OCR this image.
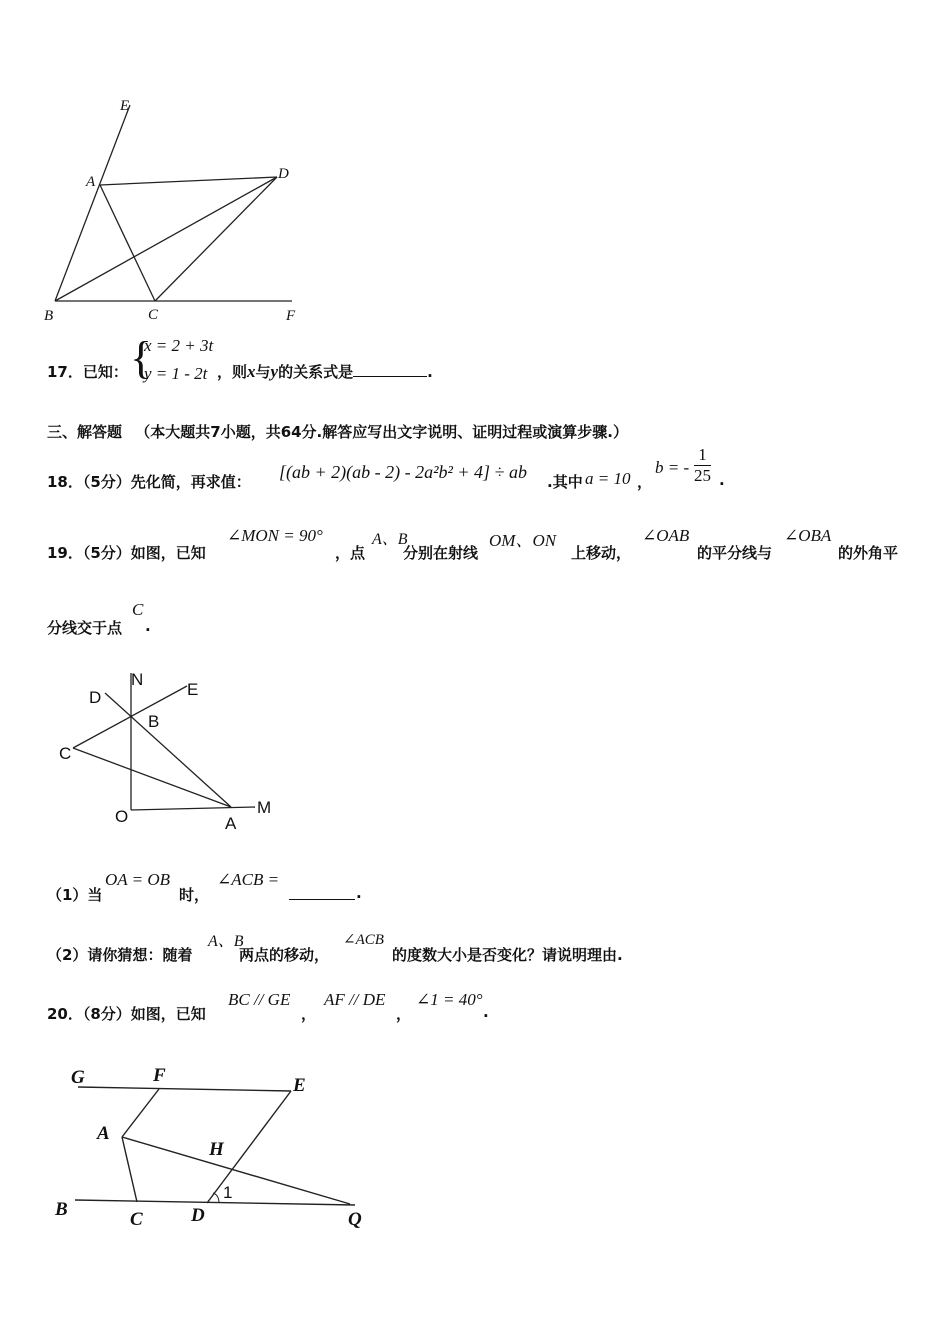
E
A	D
B	C	F
17．已知： {
x = 2 + 3t
y = 1 - 2t ，则x与y的关系式是	.
三、解答题 （本大题共7小题，共64分.解答应写出文字说明、证明过程或演算步骤.）
18．（5分）先化简，再求值： [(ab + 2)(ab - 2) - 2a²b² + 4] ÷ ab .其中 a = 10 ，
b = - $\frac{1}{25}$ .
19．（5分）如图，已知
∠MON = 90°
，点
A、B
分别在射线
OM、ON
上移动，
∠OAB
的平分线与
∠OBA
的外角平
分线交于点
C
.
N
D	E
B
C
O	A
M
（1）当
OA = OB
时，
∠ACB =
.
（2）请你猜想：随着
A、B
两点的移动，
∠ACB
的度数大小是否变化？请说明理由.
20．（8分）如图，已知
BC // GE
，
AF // DE
，
∠1 = 40°
.
G	F	E
A
H
B	C	D	Q
1
